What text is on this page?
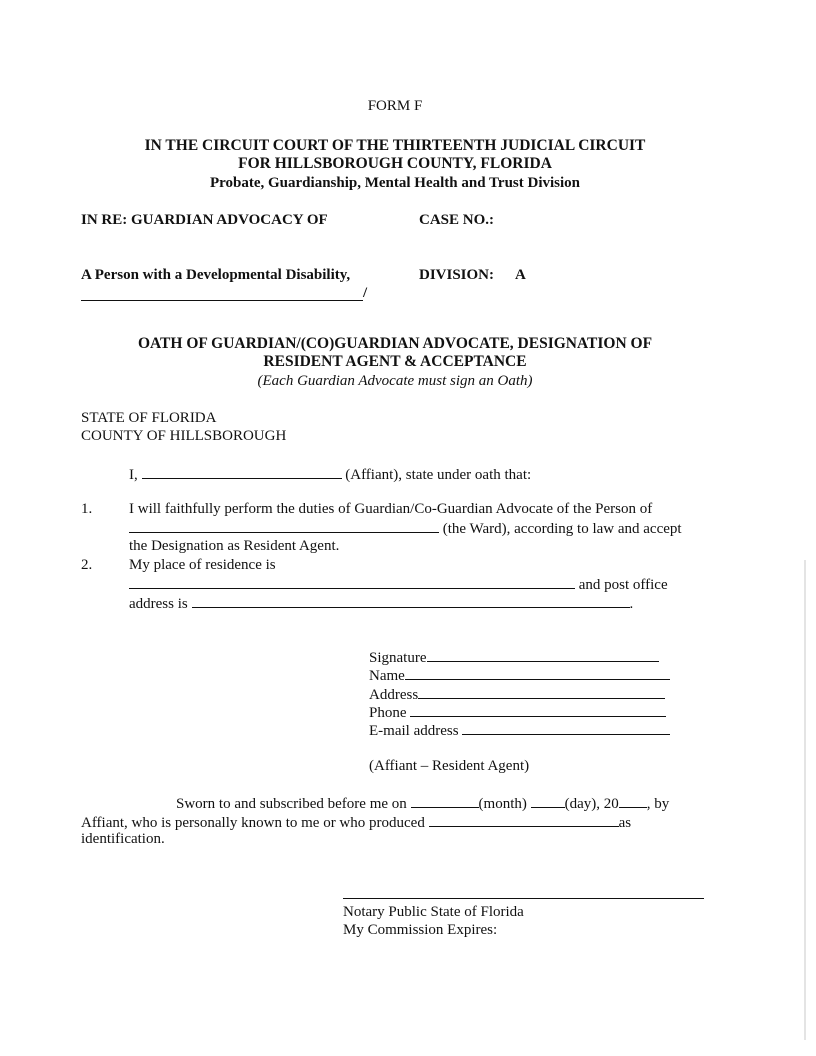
FORM F
IN THE CIRCUIT COURT OF THE THIRTEENTH JUDICIAL CIRCUIT
FOR HILLSBOROUGH COUNTY, FLORIDA
Probate, Guardianship, Mental Health and Trust Division
IN RE: GUARDIAN ADVOCACY OF	CASE NO.:
A Person with a Developmental Disability,	DIVISION: A
/
OATH OF GUARDIAN/(CO)GUARDIAN ADVOCATE, DESIGNATION OF
RESIDENT AGENT & ACCEPTANCE
(Each Guardian Advocate must sign an Oath)
STATE OF FLORIDA
COUNTY OF HILLSBOROUGH
I,	(Affiant), state under oath that:
1. I will faithfully perform the duties of Guardian/Co-Guardian Advocate of the Person of
(the Ward), according to law and accept
the Designation as Resident Agent.
2. My place of residence is
and post office
address is	.
Signature
Name
Address
Phone
E-mail address
(Affiant – Resident Agent)
Sworn to and subscribed before me on	(month)	(day), 20 , by
Affiant, who is personally known to me or who produced	as
identification.
Notary Public State of Florida
My Commission Expires:
